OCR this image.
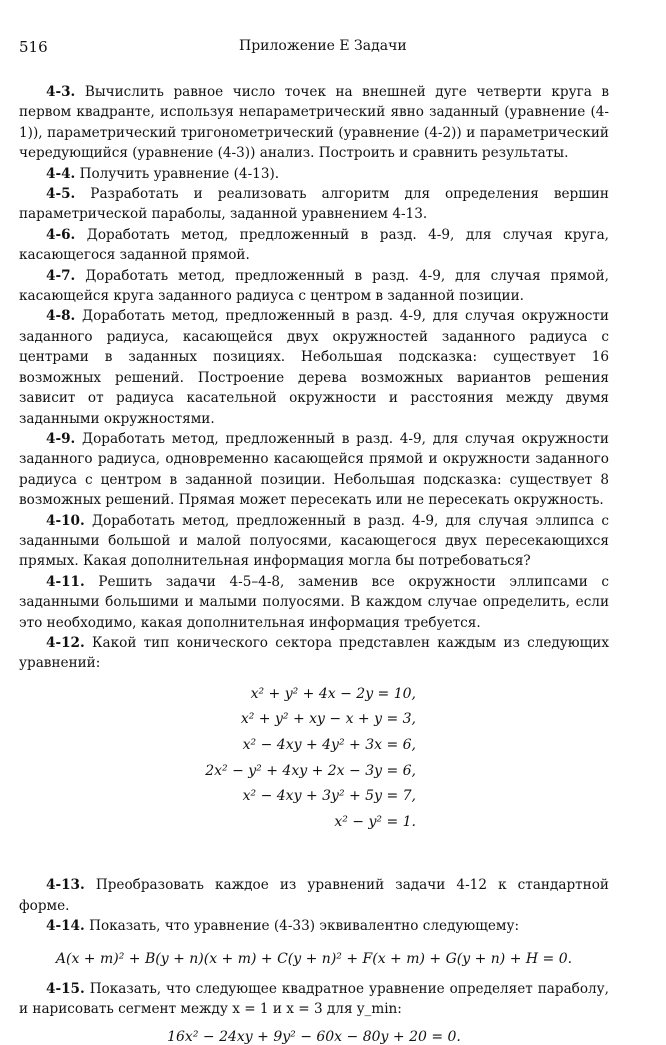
516	Приложение Е Задачи

4-3. Вычислить равное число точек на внешней дуге четверти круга в первом квадранте, используя непараметрический явно заданный (уравнение (4-1)), параметрический тригонометрический (уравнение (4-2)) и параметрический чередующийся (уравнение (4-3)) анализ. Построить и сравнить результаты.

4-4. Получить уравнение (4-13).

4-5. Разработать и реализовать алгоритм для определения вершин параметрической параболы, заданной уравнением 4-13.

4-6. Доработать метод, предложенный в разд. 4-9, для случая круга, касающегося заданной прямой.

4-7. Доработать метод, предложенный в разд. 4-9, для случая прямой, касающейся круга заданного радиуса с центром в заданной позиции.

4-8. Доработать метод, предложенный в разд. 4-9, для случая окружности заданного радиуса, касающейся двух окружностей заданного радиуса с центрами в заданных позициях. Небольшая подсказка: существует 16 возможных решений. Построение дерева возможных вариантов решения зависит от радиуса касательной окружности и расстояния между двумя заданными окружностями.

4-9. Доработать метод, предложенный в разд. 4-9, для случая окружности заданного радиуса, одновременно касающейся прямой и окружности заданного радиуса с центром в заданной позиции. Небольшая подсказка: существует 8 возможных решений. Прямая может пересекать или не пересекать окружность.

4-10. Доработать метод, предложенный в разд. 4-9, для случая эллипса с заданными большой и малой полуосями, касающегося двух пересекающихся прямых. Какая дополнительная информация могла бы потребоваться?

4-11. Решить задачи 4-5–4-8, заменив все окружности эллипсами с заданными большими и малыми полуосями. В каждом случае определить, если это необходимо, какая дополнительная информация требуется.

4-12. Какой тип конического сектора представлен каждым из следующих уравнений:

x² + y² + 4x − 2y = 10,
x² + y² + xy − x + y = 3,
x² − 4xy + 4y² + 3x = 6,
2x² − y² + 4xy + 2x − 3y = 6,
x² − 4xy + 3y² + 5y = 7,
x² − y² = 1.

4-13. Преобразовать каждое из уравнений задачи 4-12 к стандартной форме.

4-14. Показать, что уравнение (4-33) эквивалентно следующему:

A(x + m)² + B(y + n)(x + m) + C(y + n)² + F(x + m) + G(y + n) + H = 0.

4-15. Показать, что следующее квадратное уравнение определяет параболу, и нарисовать сегмент между x = 1 и x = 3 для y_min:

16x² − 24xy + 9y² − 60x − 80y + 20 = 0.
